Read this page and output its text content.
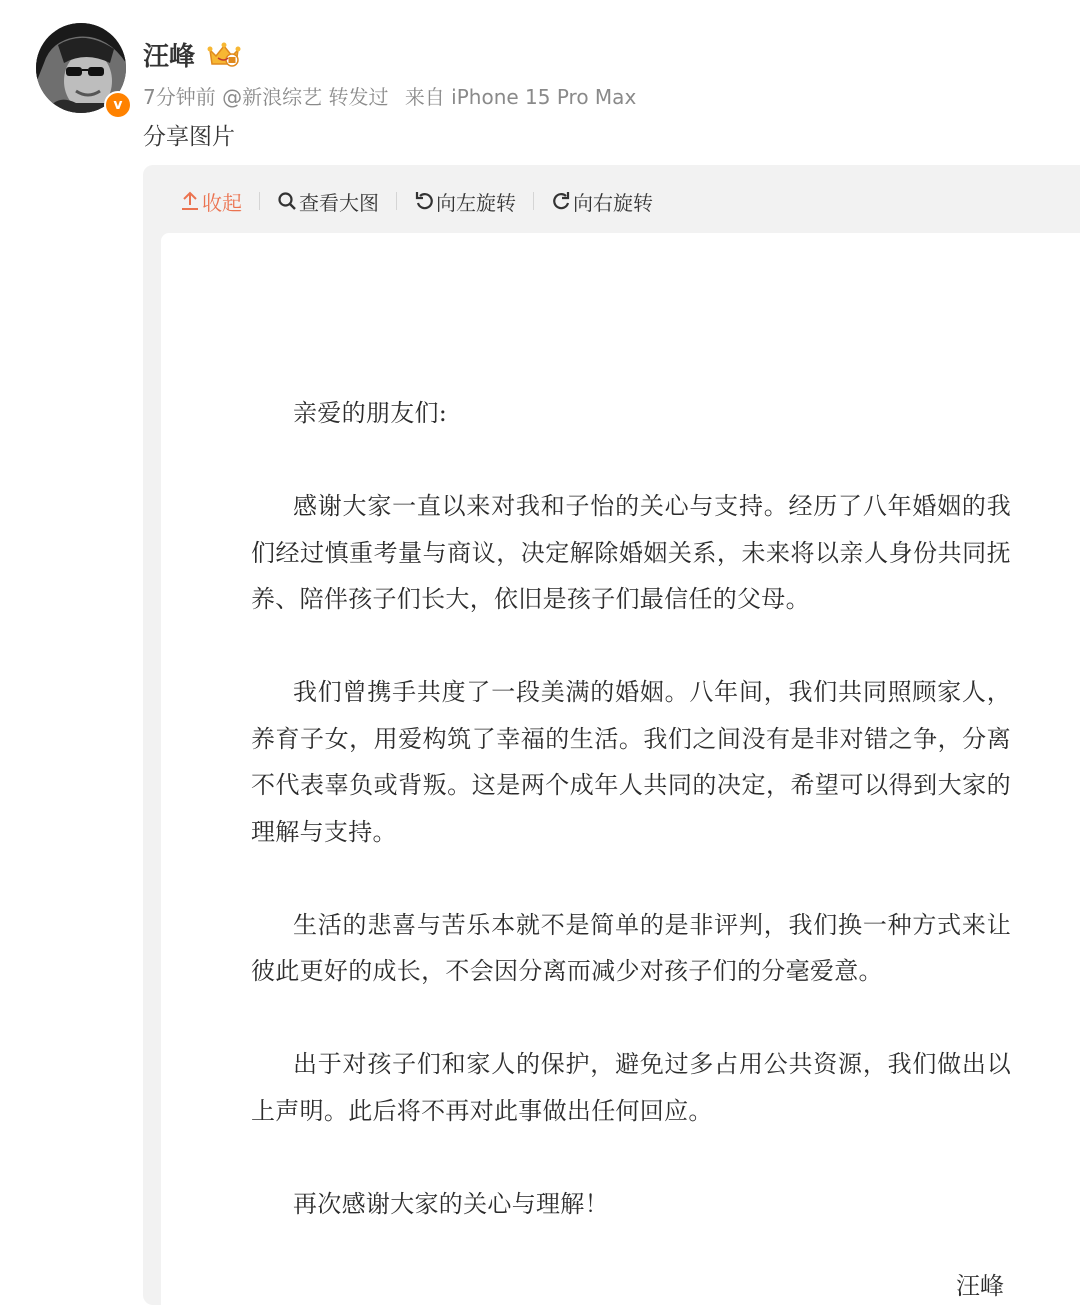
v
汪峰
7分钟前 @新浪综艺 转发过 来自 iPhone 15 Pro Max
分享图片
收起	查看大图	向左旋转	向右旋转

亲爱的朋友们:

感谢大家一直以来对我和子怡的关心与支持。经历了八年婚姻的我们经过慎重考量与商议，决定解除婚姻关系，未来将以亲人身份共同抚养、陪伴孩子们长大，依旧是孩子们最信任的父母。

我们曾携手共度了一段美满的婚姻。八年间，我们共同照顾家人，养育子女，用爱构筑了幸福的生活。我们之间没有是非对错之争，分离不代表辜负或背叛。这是两个成年人共同的决定，希望可以得到大家的理解与支持。

生活的悲喜与苦乐本就不是简单的是非评判，我们换一种方式来让彼此更好的成长，不会因分离而减少对孩子们的分毫爱意。

出于对孩子们和家人的保护，避免过多占用公共资源，我们做出以上声明。此后将不再对此事做出任何回应。

再次感谢大家的关心与理解！

汪峰
